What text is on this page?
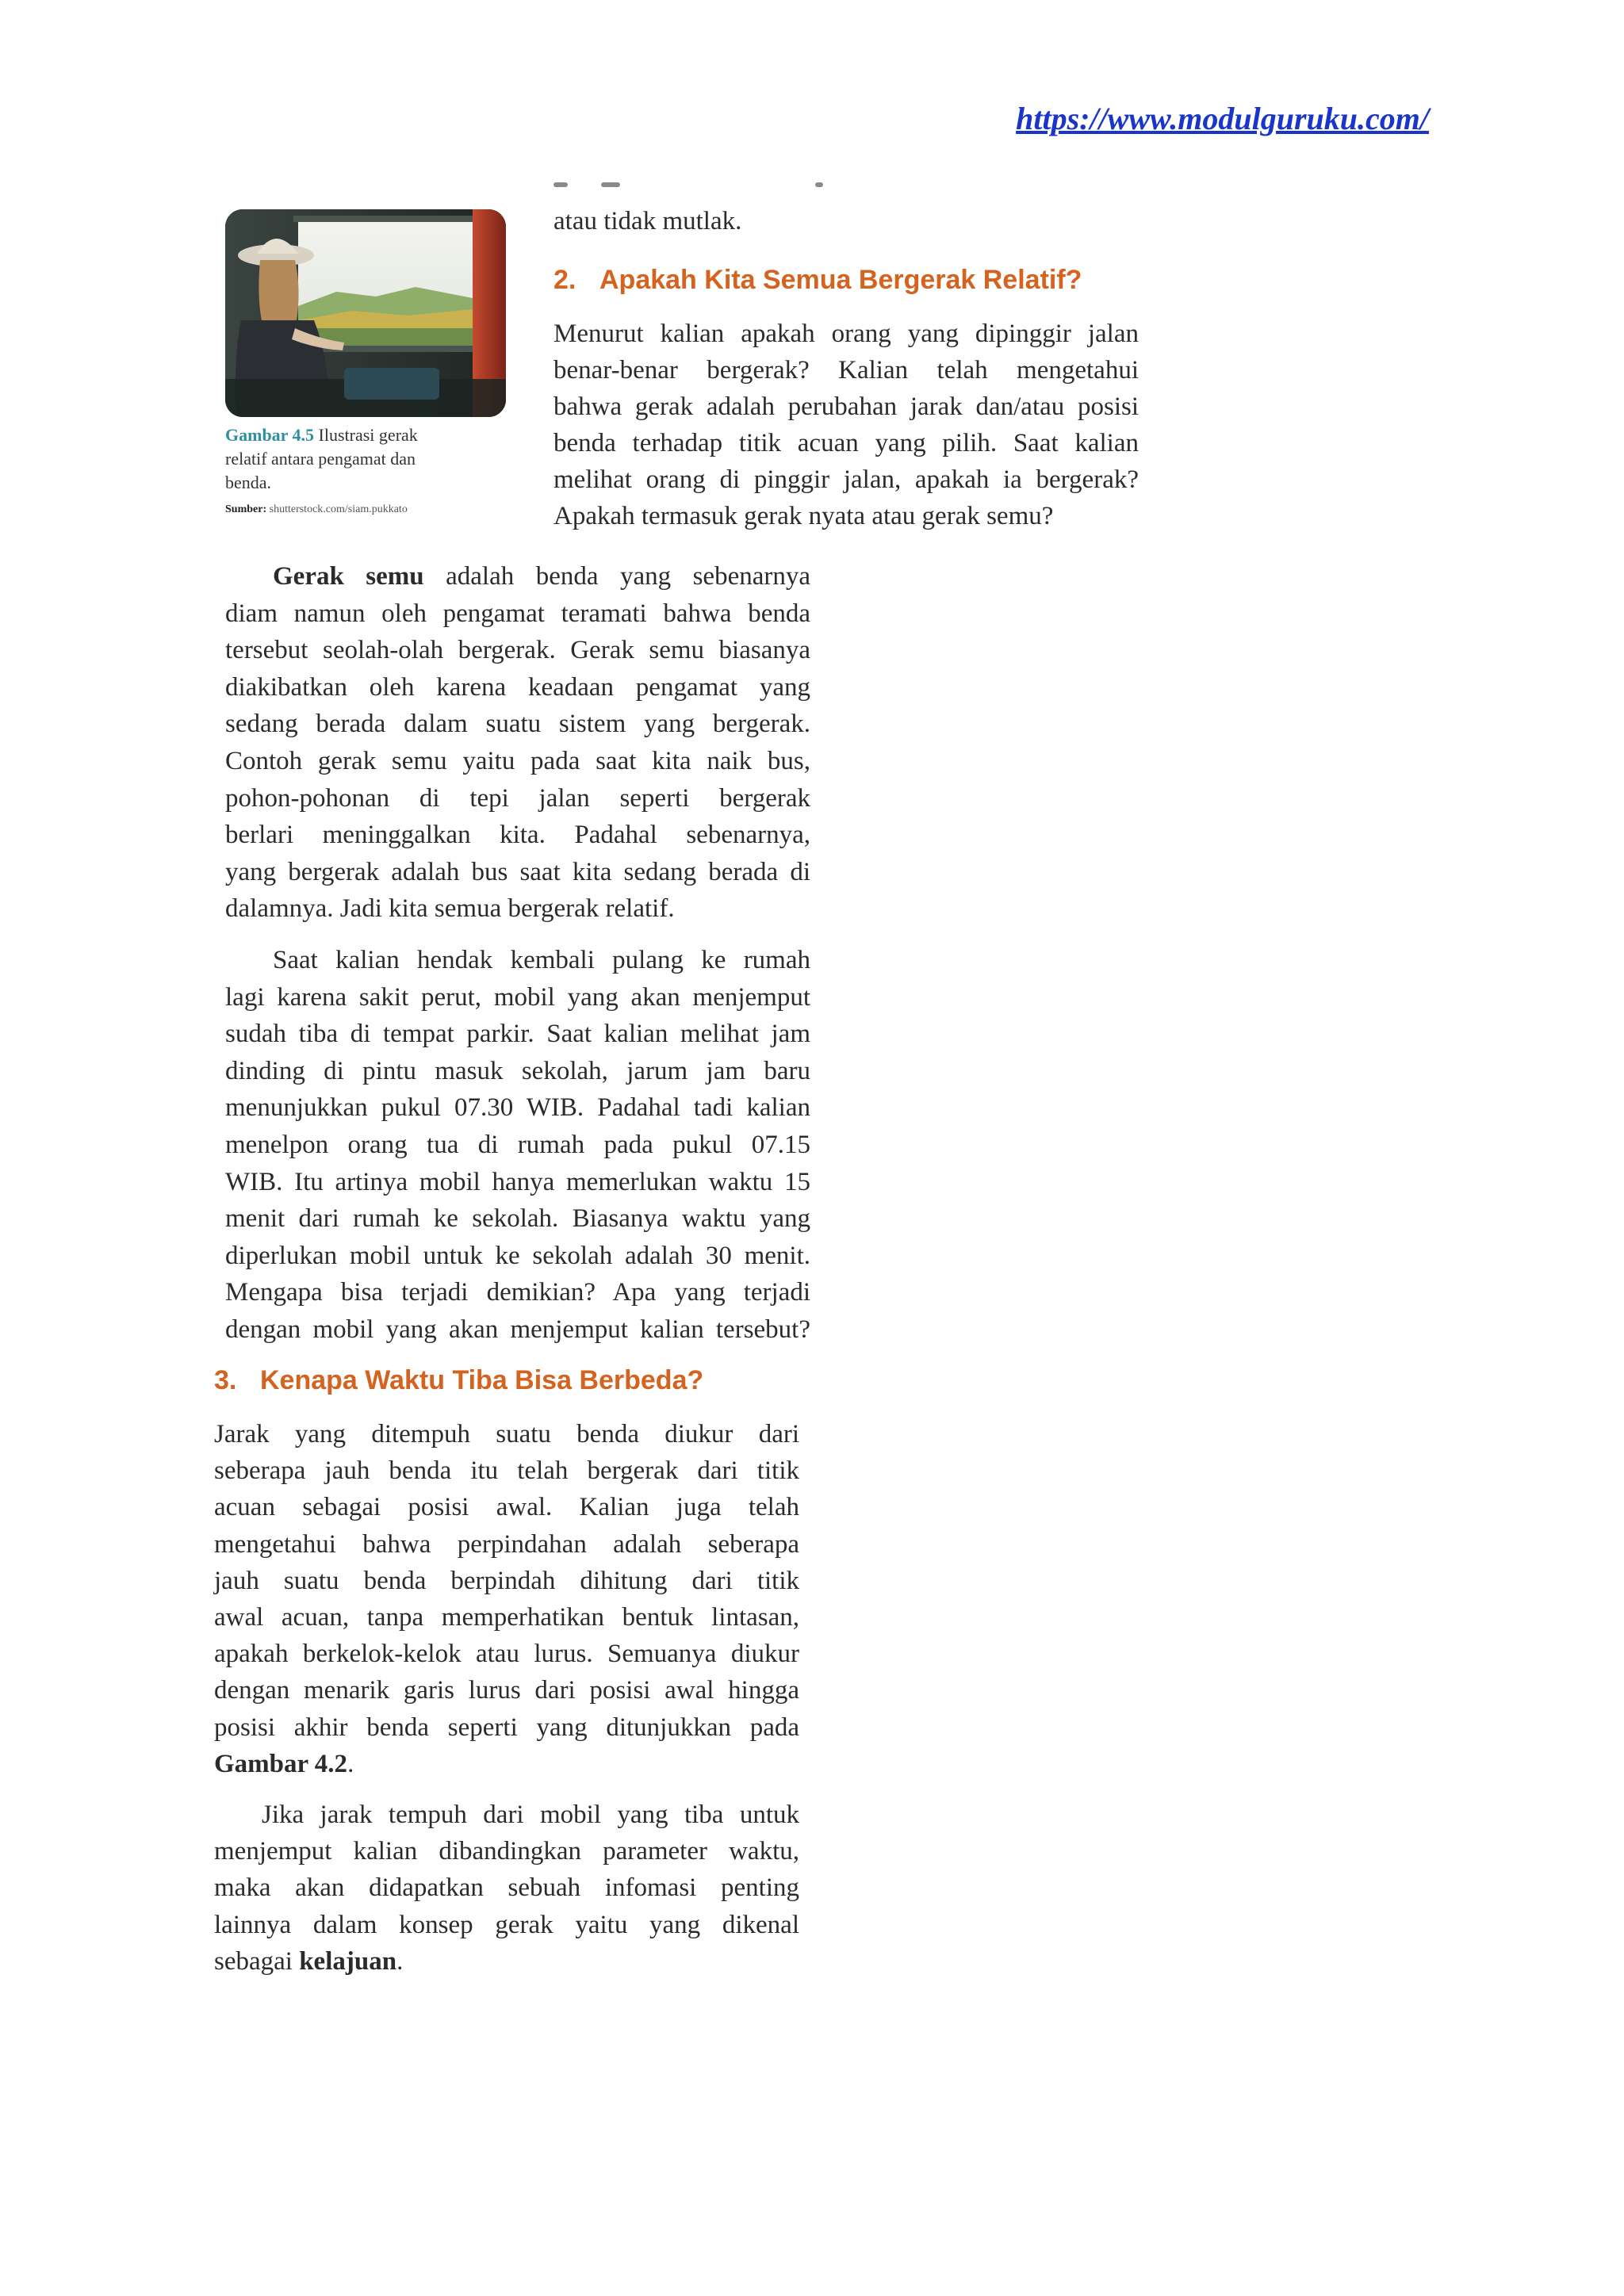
https://www.modulguruku.com/
Gambar 4.5 Ilustrasi gerak
relatif antara pengamat dan
benda.
Sumber: shutterstock.com/siam.pukkato
atau tidak mutlak.
2. Apakah Kita Semua Bergerak Relatif?
Menurut kalian apakah orang yang dipinggir jalan
benar-benar bergerak? Kalian telah mengetahui
bahwa gerak adalah perubahan jarak dan/atau posisi
benda terhadap titik acuan yang pilih. Saat kalian
melihat orang di pinggir jalan, apakah ia bergerak?
Apakah termasuk gerak nyata atau gerak semu?
Gerak semu adalah benda yang sebenarnya
diam namun oleh pengamat teramati bahwa benda
tersebut seolah-olah bergerak. Gerak semu biasanya
diakibatkan oleh karena keadaan pengamat yang
sedang berada dalam suatu sistem yang bergerak.
Contoh gerak semu yaitu pada saat kita naik bus,
pohon-pohonan di tepi jalan seperti bergerak
berlari meninggalkan kita. Padahal sebenarnya,
yang bergerak adalah bus saat kita sedang berada di
dalamnya. Jadi kita semua bergerak relatif.
Saat kalian hendak kembali pulang ke rumah
lagi karena sakit perut, mobil yang akan menjemput
sudah tiba di tempat parkir. Saat kalian melihat jam
dinding di pintu masuk sekolah, jarum jam baru
menunjukkan pukul 07.30 WIB. Padahal tadi kalian
menelpon orang tua di rumah pada pukul 07.15
WIB. Itu artinya mobil hanya memerlukan waktu 15
menit dari rumah ke sekolah. Biasanya waktu yang
diperlukan mobil untuk ke sekolah adalah 30 menit.
Mengapa bisa terjadi demikian? Apa yang terjadi
dengan mobil yang akan menjemput kalian tersebut?
3. Kenapa Waktu Tiba Bisa Berbeda?
Jarak yang ditempuh suatu benda diukur dari
seberapa jauh benda itu telah bergerak dari titik
acuan sebagai posisi awal. Kalian juga telah
mengetahui bahwa perpindahan adalah seberapa
jauh suatu benda berpindah dihitung dari titik
awal acuan, tanpa memperhatikan bentuk lintasan,
apakah berkelok-kelok atau lurus. Semuanya diukur
dengan menarik garis lurus dari posisi awal hingga
posisi akhir benda seperti yang ditunjukkan pada
Gambar 4.2.
Jika jarak tempuh dari mobil yang tiba untuk
menjemput kalian dibandingkan parameter waktu,
maka akan didapatkan sebuah infomasi penting
lainnya dalam konsep gerak yaitu yang dikenal
sebagai kelajuan.
